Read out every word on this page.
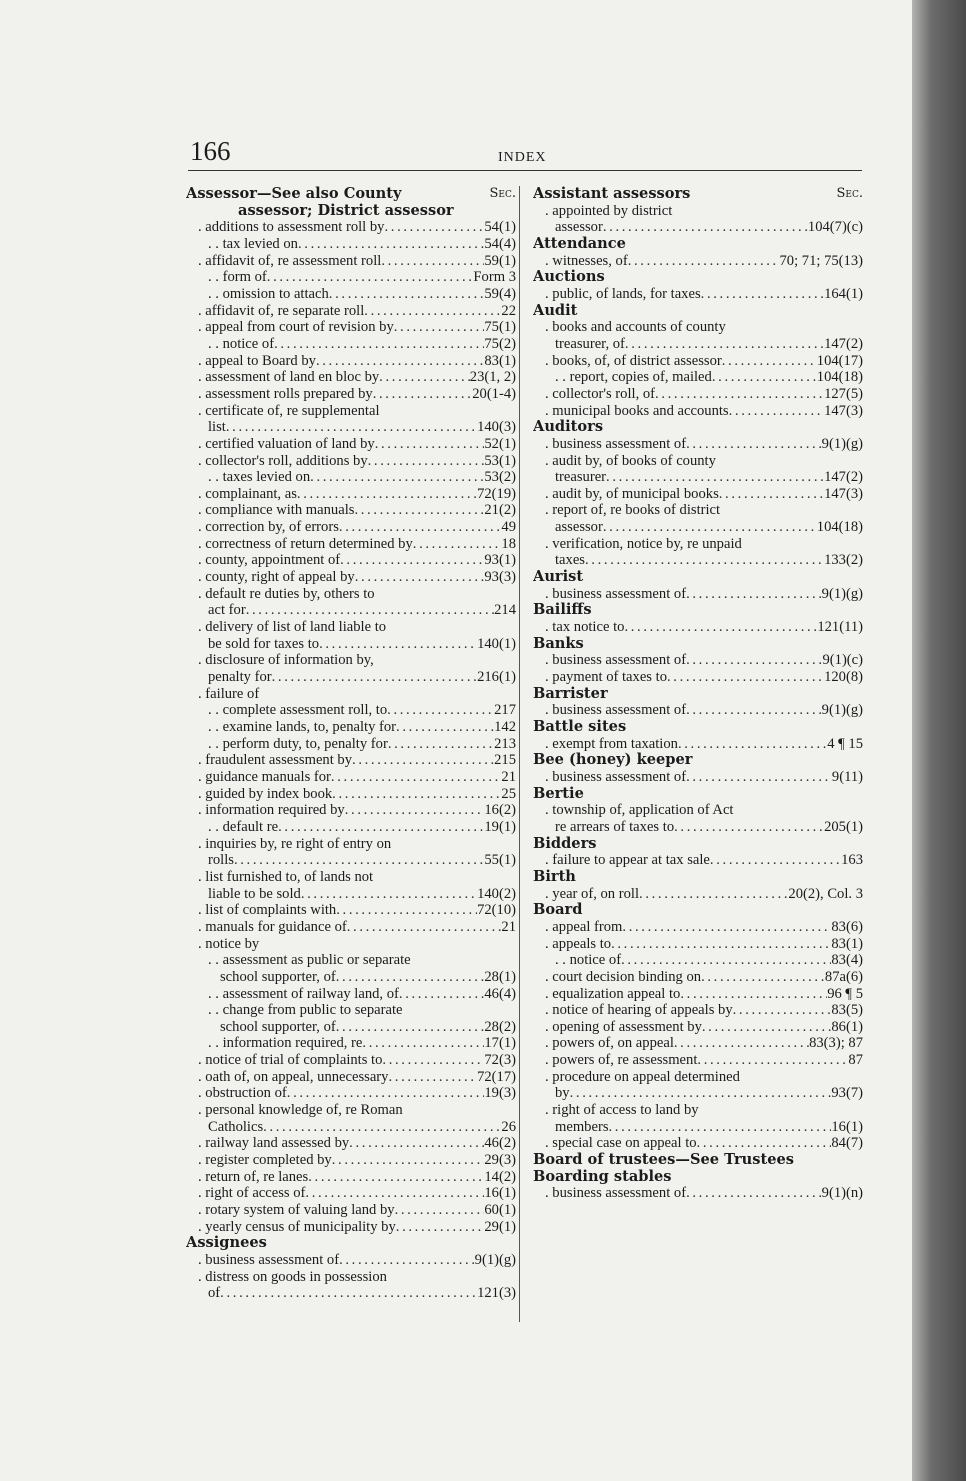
166	INDEX
Assessor—See also County	Sec.
assessor; District assessor
. additions to assessment roll by . . .	54(1)
. . tax levied on . . .	54(4)
. affidavit of, re assessment roll . . .	59(1)
. . form of . . .	Form 3
. . omission to attach . . .	59(4)
. affidavit of, re separate roll . . .	22
. appeal from court of revision by . . .	75(1)
. . notice of . . .	75(2)
. appeal to Board by . . .	83(1)
. assessment of land en bloc by . . .	23(1, 2)
. assessment rolls prepared by . . .	20(1-4)
. certificate of, re supplemental
list . . .	140(3)
. certified valuation of land by . . .	52(1)
. collector's roll, additions by . . .	53(1)
. . taxes levied on . . .	53(2)
. complainant, as . . .	72(19)
. compliance with manuals . . .	21(2)
. correction by, of errors . . .	49
. correctness of return determined by . . .	18
. county, appointment of . . .	93(1)
. county, right of appeal by . . .	93(3)
. default re duties by, others to
act for . . .	214
. delivery of list of land liable to
be sold for taxes to . . .	140(1)
. disclosure of information by,
penalty for . . .	216(1)
. failure of
. . complete assessment roll, to . . .	217
. . examine lands, to, penalty for . . .	142
. . perform duty, to, penalty for . . .	213
. fraudulent assessment by . . .	215
. guidance manuals for . . .	21
. guided by index book . . .	25
. information required by . . .	16(2)
. . default re . . .	19(1)
. inquiries by, re right of entry on
rolls . . .	55(1)
. list furnished to, of lands not
liable to be sold . . .	140(2)
. list of complaints with . . .	72(10)
. manuals for guidance of . . .	21
. notice by
. . assessment as public or separate
school supporter, of . . .	28(1)
. . assessment of railway land, of . . .	46(4)
. . change from public to separate
school supporter, of . . .	28(2)
. . information required, re . . .	17(1)
. notice of trial of complaints to . . .	72(3)
. oath of, on appeal, unnecessary . . .	72(17)
. obstruction of . . .	19(3)
. personal knowledge of, re Roman
Catholics . . .	26
. railway land assessed by . . .	46(2)
. register completed by . . .	29(3)
. return of, re lanes . . .	14(2)
. right of access of . . .	16(1)
. rotary system of valuing land by . . .	60(1)
. yearly census of municipality by . . .	29(1)
Assignees
. business assessment of . . .	9(1)(g)
. distress on goods in possession
of . . .	121(3)
Assistant assessors	Sec.
. appointed by district
assessor . . .	104(7)(c)
Attendance
. witnesses, of . . .	70; 71; 75(13)
Auctions
. public, of lands, for taxes . . .	164(1)
Audit
. books and accounts of county
treasurer, of . . .	147(2)
. books, of, of district assessor . . .	104(17)
. . report, copies of, mailed . . .	104(18)
. collector's roll, of . . .	127(5)
. municipal books and accounts . . .	147(3)
Auditors
. business assessment of . . .	9(1)(g)
. audit by, of books of county
treasurer . . .	147(2)
. audit by, of municipal books . . .	147(3)
. report of, re books of district
assessor . . .	104(18)
. verification, notice by, re unpaid
taxes . . .	133(2)
Aurist
. business assessment of . . .	9(1)(g)
Bailiffs
. tax notice to . . .	121(11)
Banks
. business assessment of . . .	9(1)(c)
. payment of taxes to . . .	120(8)
Barrister
. business assessment of . . .	9(1)(g)
Battle sites
. exempt from taxation . . .	4 ¶ 15
Bee (honey) keeper
. business assessment of . . .	9(11)
Bertie
. township of, application of Act
re arrears of taxes to . . .	205(1)
Bidders
. failure to appear at tax sale . . .	163
Birth
. year of, on roll . . .	20(2), Col. 3
Board
. appeal from . . .	83(6)
. appeals to . . .	83(1)
. . notice of . . .	83(4)
. court decision binding on . . .	87a(6)
. equalization appeal to . . .	96 ¶ 5
. notice of hearing of appeals by . . .	83(5)
. opening of assessment by . . .	86(1)
. powers of, on appeal . . .	83(3); 87
. powers of, re assessment . . .	87
. procedure on appeal determined
by . . .	93(7)
. right of access to land by
members . . .	16(1)
. special case on appeal to . . .	84(7)
Board of trustees—See Trustees
Boarding stables
. business assessment of . . .	9(1)(n)
